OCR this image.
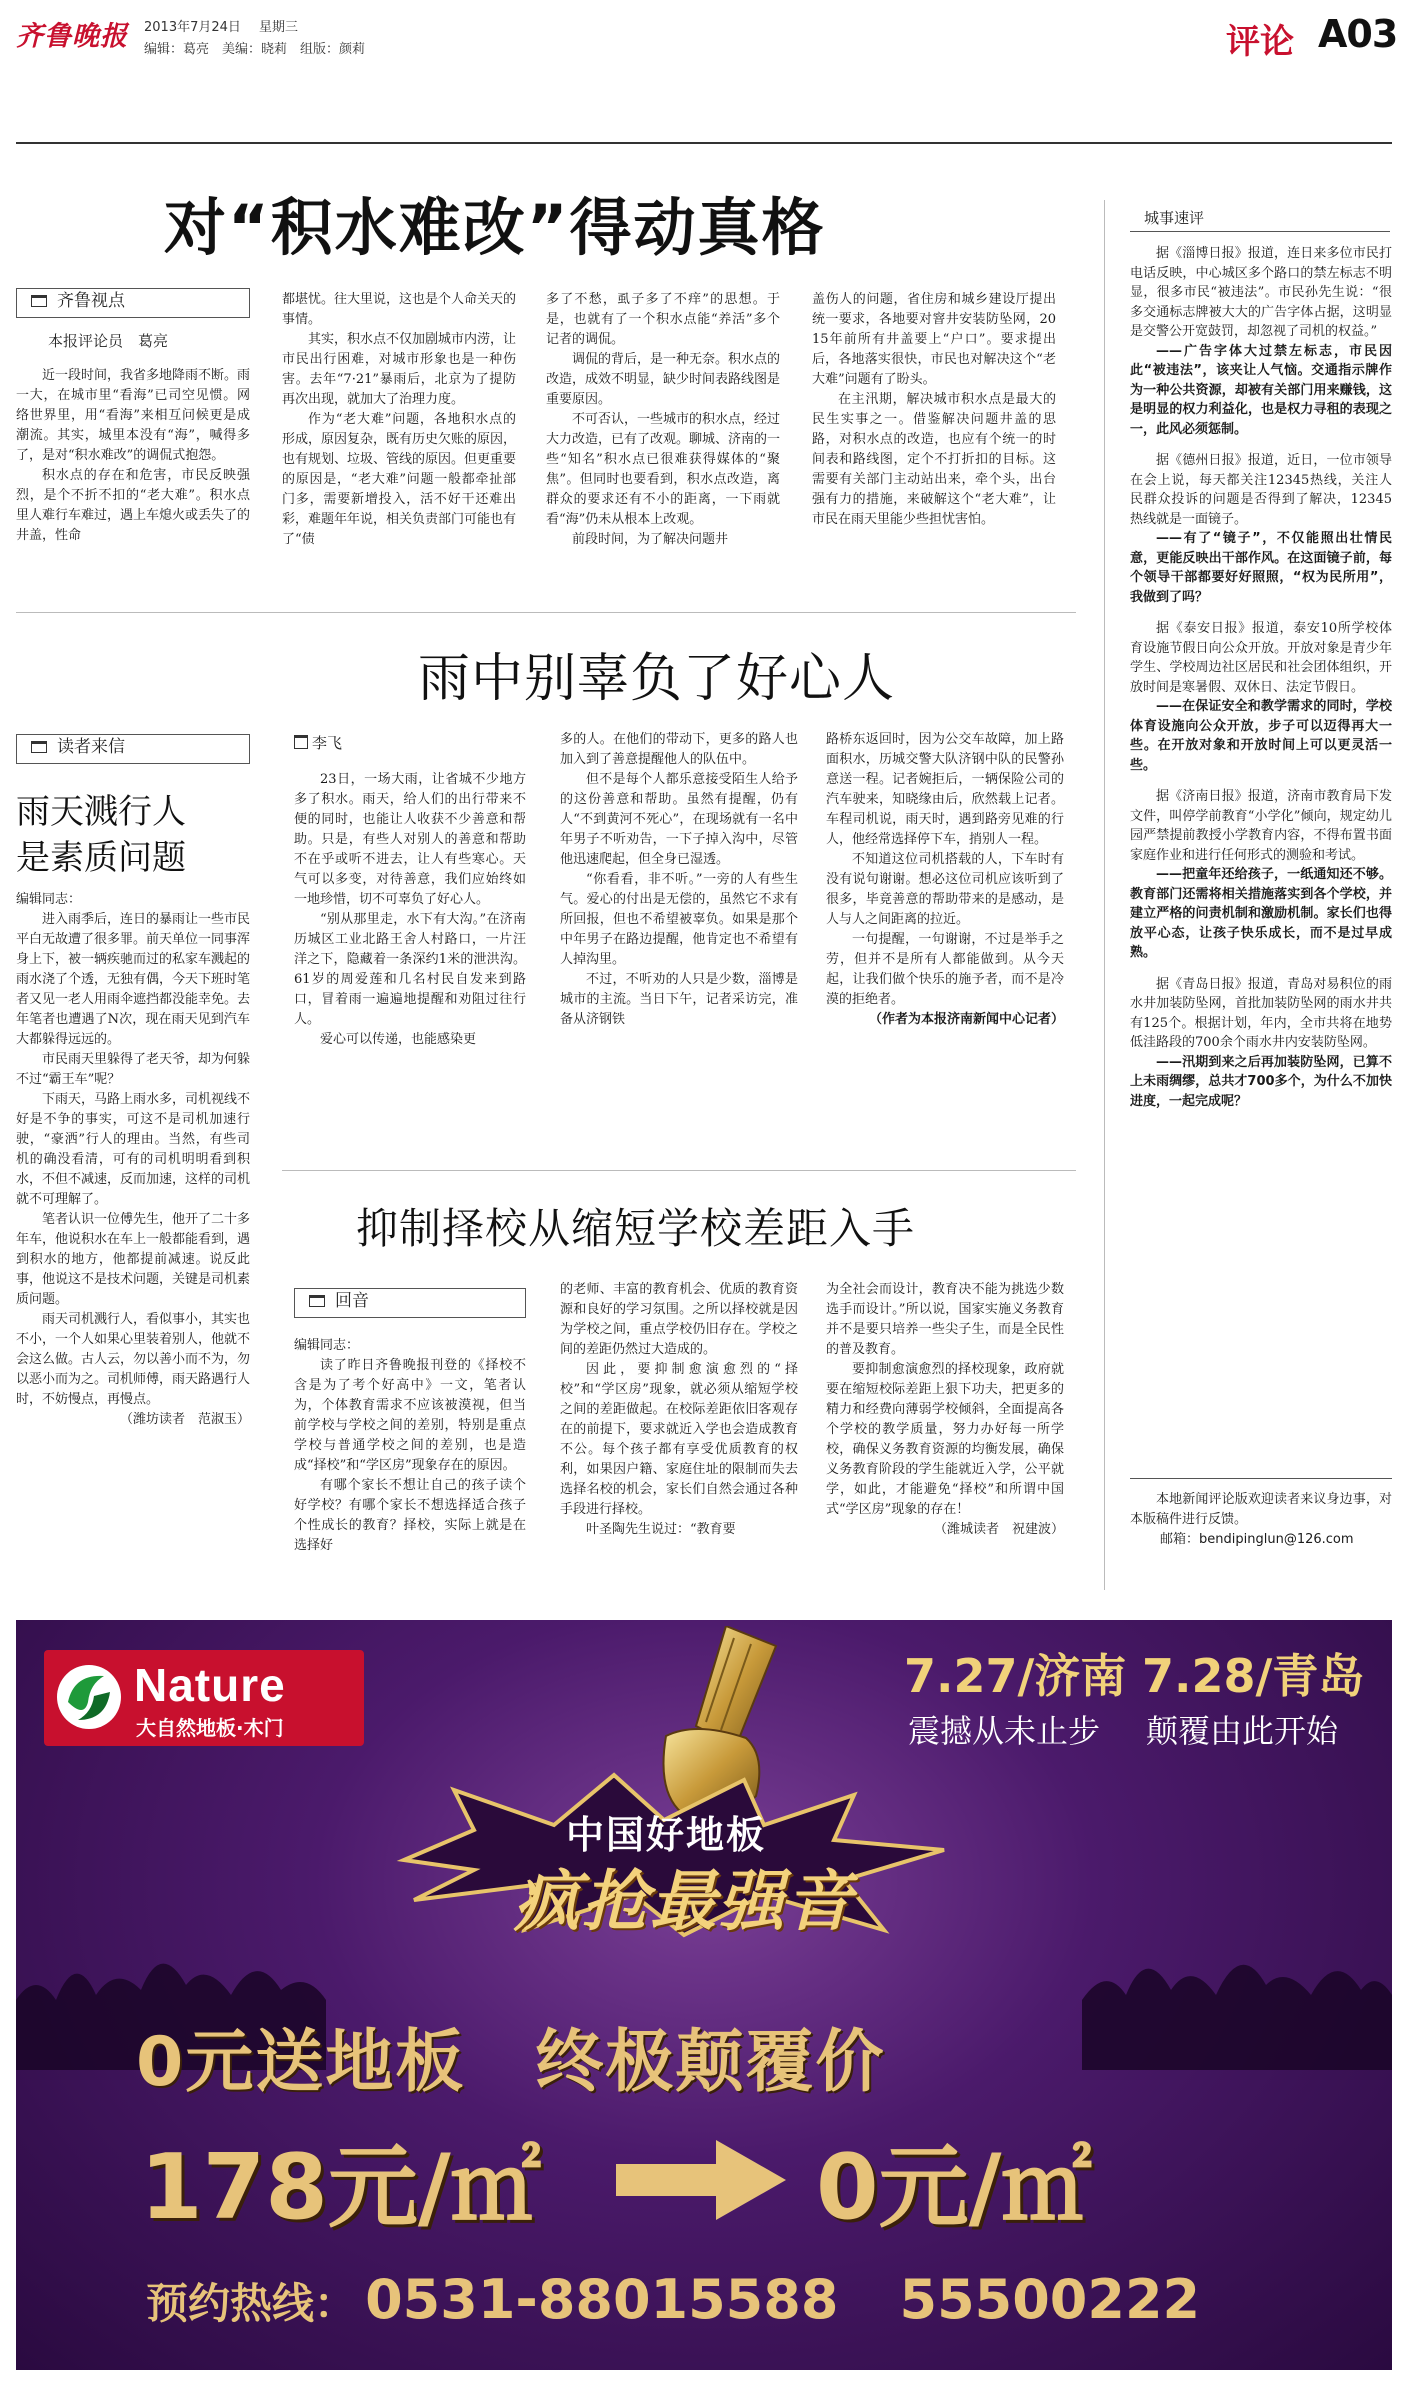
齐鲁晚报 2013年7月24日 星期三
编辑：葛亮　美编：晓莉　组版：颜莉	评论 A03
对“积水难改”得动真格
齐鲁视点
本报评论员　葛亮

近一段时间，我省多地降雨不断。雨一大，在城市里“看海”已司空见惯。网络世界里，用“看海”来相互问候更是成潮流。其实，城里本没有“海”，喊得多了，是对“积水难改”的调侃式抱怨。

积水点的存在和危害，市民反映强烈，是个不折不扣的“老大难”。积水点里人难行车难过，遇上车熄火或丢失了的井盖，性命

都堪忧。往大里说，这也是个人命关天的事情。

其实，积水点不仅加剧城市内涝，让市民出行困难，对城市形象也是一种伤害。去年“7·21”暴雨后，北京为了提防再次出现，就加大了治理力度。

作为“老大难”问题，各地积水点的形成，原因复杂，既有历史欠账的原因，也有规划、垃圾、管线的原因。但更重要的原因是，“老大难”问题一般都牵扯部门多，需要新增投入，活不好干还难出彩，难题年年说，相关负责部门可能也有了“债

多了不愁，虱子多了不痒”的思想。于是，也就有了一个积水点能“养活”多个记者的调侃。

调侃的背后，是一种无奈。积水点的改造，成效不明显，缺少时间表路线图是重要原因。

不可否认，一些城市的积水点，经过大力改造，已有了改观。聊城、济南的一些“知名”积水点已很难获得媒体的“聚焦”。但同时也要看到，积水点改造，离群众的要求还有不小的距离，一下雨就看“海”仍未从根本上改观。

前段时间，为了解决问题井

盖伤人的问题，省住房和城乡建设厅提出统一要求，各地要对窨井安装防坠网，2015年前所有井盖要上“户口”。要求提出后，各地落实很快，市民也对解决这个“老大难”问题有了盼头。

在主汛期，解决城市积水点是最大的民生实事之一。借鉴解决问题井盖的思路，对积水点的改造，也应有个统一的时间表和路线图，定个不打折扣的目标。这需要有关部门主动站出来，牵个头，出台强有力的措施，来破解这个“老大难”，让市民在雨天里能少些担忧害怕。

雨中别辜负了好心人
李飞

23日，一场大雨，让省城不少地方多了积水。雨天，给人们的出行带来不便的同时，也能让人收获不少善意和帮助。只是，有些人对别人的善意和帮助不在乎或听不进去，让人有些寒心。天气可以多变，对待善意，我们应始终如一地珍惜，切不可辜负了好心人。

“别从那里走，水下有大沟。”在济南历城区工业北路王舍人村路口，一片汪洋之下，隐藏着一条深约1米的泄洪沟。61岁的周爱莲和几名村民自发来到路口，冒着雨一遍遍地提醒和劝阻过往行人。

爱心可以传递，也能感染更

多的人。在他们的带动下，更多的路人也加入到了善意提醒他人的队伍中。

但不是每个人都乐意接受陌生人给予的这份善意和帮助。虽然有提醒，仍有人“不到黄河不死心”，在现场就有一名中年男子不听劝告，一下子掉入沟中，尽管他迅速爬起，但全身已湿透。

“你看看，非不听。”一旁的人有些生气。爱心的付出是无偿的，虽然它不求有所回报，但也不希望被辜负。如果是那个中年男子在路边提醒，他肯定也不希望有人掉沟里。

不过，不听劝的人只是少数，淄博是城市的主流。当日下午，记者采访完，准备从济钢铁

路桥东返回时，因为公交车故障，加上路面积水，历城交警大队济钢中队的民警孙意送一程。记者婉拒后，一辆保险公司的汽车驶来，知晓缘由后，欣然载上记者。车程司机说，雨天时，遇到路旁见难的行人，他经常选择停下车，捎别人一程。

不知道这位司机搭载的人，下车时有没有说句谢谢。想必这位司机应该听到了很多，毕竟善意的帮助带来的是感动，是人与人之间距离的拉近。

一句提醒，一句谢谢，不过是举手之劳，但并不是所有人都能做到。从今天起，让我们做个快乐的施予者，而不是冷漠的拒绝者。

（作者为本报济南新闻中心记者）

读者来信
雨天溅行人
是素质问题

编辑同志：

进入雨季后，连日的暴雨让一些市民平白无故遭了很多罪。前天单位一同事浑身上下，被一辆疾驰而过的私家车溅起的雨水浇了个透，无独有偶，今天下班时笔者又见一老人用雨伞遮挡都没能幸免。去年笔者也遭遇了N次，现在雨天见到汽车大都躲得远远的。

市民雨天里躲得了老天爷，却为何躲不过“霸王车”呢？

下雨天，马路上雨水多，司机视线不好是不争的事实，可这不是司机加速行驶，“豪洒”行人的理由。当然，有些司机的确没看清，可有的司机明明看到积水，不但不减速，反而加速，这样的司机就不可理解了。

笔者认识一位傅先生，他开了二十多年车，他说积水在车上一般都能看到，遇到积水的地方，他都提前减速。说反此事，他说这不是技术问题，关键是司机素质问题。

雨天司机溅行人，看似事小，其实也不小，一个人如果心里装着别人，他就不会这么做。古人云，勿以善小而不为，勿以恶小而为之。司机师傅，雨天路遇行人时，不妨慢点，再慢点。

（潍坊读者　范淑玉）

抑制择校从缩短学校差距入手
回音

编辑同志：

读了昨日齐鲁晚报刊登的《择校不含是为了考个好高中》一文，笔者认为，个体教育需求不应该被漠视，但当前学校与学校之间的差别，特别是重点学校与普通学校之间的差别，也是造成“择校”和“学区房”现象存在的原因。

有哪个家长不想让自己的孩子读个好学校？有哪个家长不想选择适合孩子个性成长的教育？择校，实际上就是在选择好

的老师、丰富的教育机会、优质的教育资源和良好的学习氛围。之所以择校就是因为学校之间，重点学校仍旧存在。学校之间的差距仍然过大造成的。

因此，要抑制愈演愈烈的“择校”和“学区房”现象，就必须从缩短学校之间的差距做起。在校际差距依旧客观存在的前提下，要求就近入学也会造成教育不公。每个孩子都有享受优质教育的权利，如果因户籍、家庭住址的限制而失去选择名校的机会，家长们自然会通过各种手段进行择校。

叶圣陶先生说过：“教育要

为全社会而设计，教育决不能为挑选少数选手而设计。”所以说，国家实施义务教育并不是要只培养一些尖子生，而是全民性的普及教育。

要抑制愈演愈烈的择校现象，政府就要在缩短校际差距上狠下功夫，把更多的精力和经费向薄弱学校倾斜，全面提高各个学校的教学质量，努力办好每一所学校，确保义务教育资源的均衡发展，确保义务教育阶段的学生能就近入学，公平就学，如此，才能避免“择校”和所谓中国式“学区房”现象的存在！

（潍城读者　祝建波）

城事速评

据《淄博日报》报道，连日来多位市民打电话反映，中心城区多个路口的禁左标志不明显，很多市民“被违法”。市民孙先生说：“很多交通标志牌被大大的广告字体占据，这明显是交警公开宽鼓罚，却忽视了司机的权益。”

——广告字体大过禁左标志，市民因此“被违法”，该夹让人气恼。交通指示牌作为一种公共资源，却被有关部门用来赚钱，这是明显的权力利益化，也是权力寻租的表现之一，此风必须惩制。

据《德州日报》报道，近日，一位市领导在会上说，每天都关注12345热线，关注人民群众投诉的问题是否得到了解决，12345热线就是一面镜子。

——有了“镜子”，不仅能照出壮情民意，更能反映出干部作风。在这面镜子前，每个领导干部都要好好照照，“权为民所用”，我做到了吗？

据《泰安日报》报道，泰安10所学校体育设施节假日向公众开放。开放对象是青少年学生、学校周边社区居民和社会团体组织，开放时间是寒暑假、双休日、法定节假日。

——在保证安全和教学需求的同时，学校体育设施向公众开放，步子可以迈得再大一些。在开放对象和开放时间上可以更灵活一些。

据《济南日报》报道，济南市教育局下发文件，叫停学前教育“小学化”倾向，规定幼儿园严禁提前教授小学教育内容，不得布置书面家庭作业和进行任何形式的测验和考试。

——把童年还给孩子，一纸通知还不够。教育部门还需将相关措施落实到各个学校，并建立严格的问责机制和激励机制。家长们也得放平心态，让孩子快乐成长，而不是过早成熟。

据《青岛日报》报道，青岛对易积位的雨水井加装防坠网，首批加装防坠网的雨水井共有125个。根据计划，年内，全市共将在地势低洼路段的700余个雨水井内安装防坠网。

——汛期到来之后再加装防坠网，已算不上未雨绸缪，总共才700多个，为什么不加快进度，一起完成呢？

本地新闻评论版欢迎读者来议身边事，对本版稿件进行反馈。

邮箱：bendipinglun@126.com

Nature
大自然地板·木门
7.27/济南 7.28/青岛
震撼从未止步 颠覆由此开始
中国好地板
疯抢最强音
0元送地板　终极颠覆价
178元/㎡	0元/㎡
预约热线： 0531-88015588 55500222
